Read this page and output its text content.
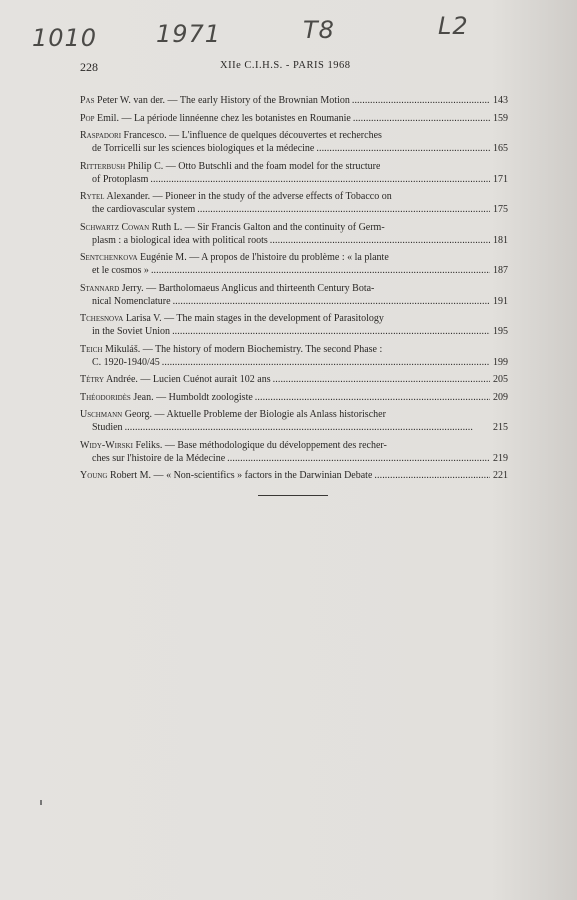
1010 1971	T8	L2
228	XIIe C.I.H.S. - PARIS 1968
Pas Peter W. van der. — The early History of the Brownian Motion . . .	143
Pop Emil. — La période linnéenne chez les botanistes en Roumanie . . .	159
Raspadori Francesco. — L'influence de quelques découvertes et recherches
de Torricelli sur les sciences biologiques et la médecine . . .	165
Ritterbush Philip C. — Otto Butschli and the foam model for the structure
of Protoplasm . . .	171
Rytel Alexander. — Pioneer in the study of the adverse effects of Tobacco on
the cardiovascular system . . .	175
Schwartz Cowan Ruth L. — Sir Francis Galton and the continuity of Germ-
plasm : a biological idea with political roots . . .	181
Sentchenkova Eugénie M. — A propos de l'histoire du problème : « la plante
et le cosmos » . . .	187
Stannard Jerry. — Bartholomaeus Anglicus and thirteenth Century Bota-
nical Nomenclature . . .	191
Tchesnova Larisa V. — The main stages in the development of Parasitology
in the Soviet Union . . .	195
Teich Mikuláš. — The history of modern Biochemistry. The second Phase :
C. 1920-1940/45 . . .	199
Tétry Andrée. — Lucien Cuénot aurait 102 ans . . .	205
Théodoridès Jean. — Humboldt zoologiste . . .	209
Uschmann Georg. — Aktuelle Probleme der Biologie als Anlass historischer
Studien . . .	215
Widy-Wirski Feliks. — Base méthodologique du développement des recher-
ches sur l'histoire de la Médecine . . .	219
Young Robert M. — « Non-scientifics » factors in the Darwinian Debate . . .	221
